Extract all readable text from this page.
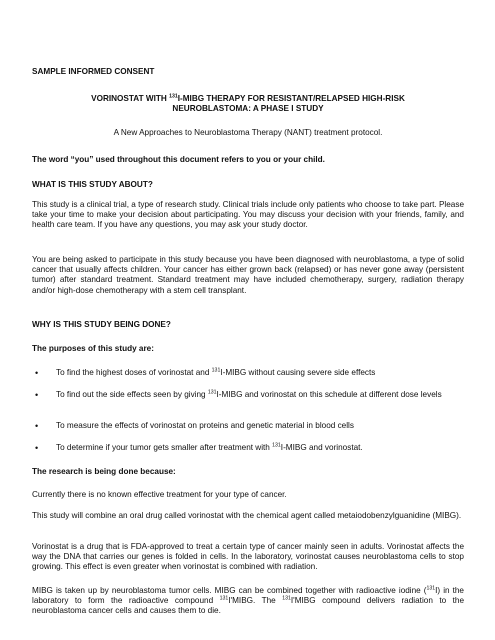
SAMPLE INFORMED CONSENT

VORINOSTAT WITH $^{131}$I-MIBG THERAPY FOR RESISTANT/RELAPSED HIGH-RISK
NEUROBLASTOMA: A PHASE I STUDY

A New Approaches to Neuroblastoma Therapy (NANT) treatment protocol.

The word “you” used throughout this document refers to you or your child.

WHAT IS THIS STUDY ABOUT?

This study is a clinical trial, a type of research study. Clinical trials include only patients who choose to take part. Please take your time to make your decision about participating. You may discuss your decision with your friends, family, and health care team. If you have any questions, you may ask your study doctor.

You are being asked to participate in this study because you have been diagnosed with neuroblastoma, a type of solid cancer that usually affects children. Your cancer has either grown back (relapsed) or has never gone away (persistent tumor) after standard treatment. Standard treatment may have included chemotherapy, surgery, radiation therapy and/or high-dose chemotherapy with a stem cell transplant.

WHY IS THIS STUDY BEING DONE?

The purposes of this study are:

• To find the highest doses of vorinostat and $^{131}$I-MIBG without causing severe side effects
• To find out the side effects seen by giving $^{131}$I-MIBG and vorinostat on this schedule at different dose levels
• To measure the effects of vorinostat on proteins and genetic material in blood cells
• To determine if your tumor gets smaller after treatment with $^{131}$I-MIBG and vorinostat.

The research is being done because:

Currently there is no known effective treatment for your type of cancer.

This study will combine an oral drug called vorinostat with the chemical agent called metaiodobenzylguanidine (MIBG).

Vorinostat is a drug that is FDA-approved to treat a certain type of cancer mainly seen in adults. Vorinostat affects the way the DNA that carries our genes is folded in cells. In the laboratory, vorinostat causes neuroblastoma cells to stop growing. This effect is even greater when vorinostat is combined with radiation.

MIBG is taken up by neuroblastoma tumor cells. MIBG can be combined together with radioactive iodine ($^{131}$I) in the laboratory to form the radioactive compound $^{131}$I'MIBG. The $^{131}$I'MIBG compound delivers radiation to the neuroblastoma cancer cells and causes them to die.
